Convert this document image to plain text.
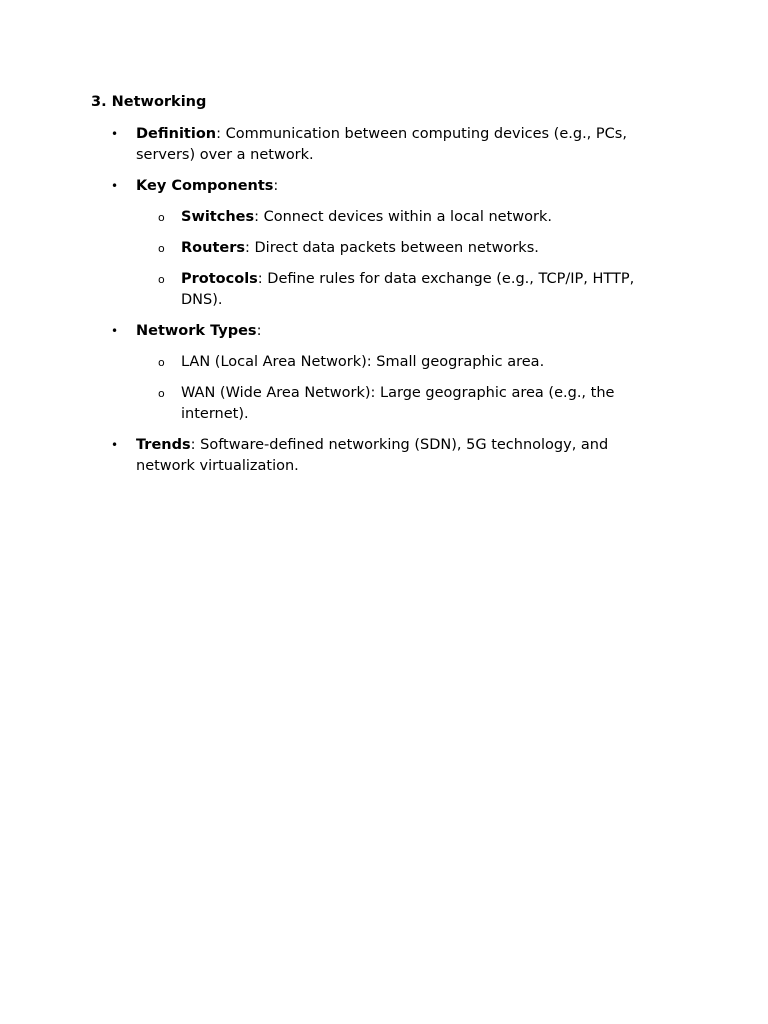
3. Networking
• Definition: Communication between computing devices (e.g., PCs, servers) over a network.
• Key Components:
o Switches: Connect devices within a local network.
o Routers: Direct data packets between networks.
o Protocols: Define rules for data exchange (e.g., TCP/IP, HTTP, DNS).
• Network Types:
o LAN (Local Area Network): Small geographic area.
o WAN (Wide Area Network): Large geographic area (e.g., the internet).
• Trends: Software-defined networking (SDN), 5G technology, and network virtualization.
